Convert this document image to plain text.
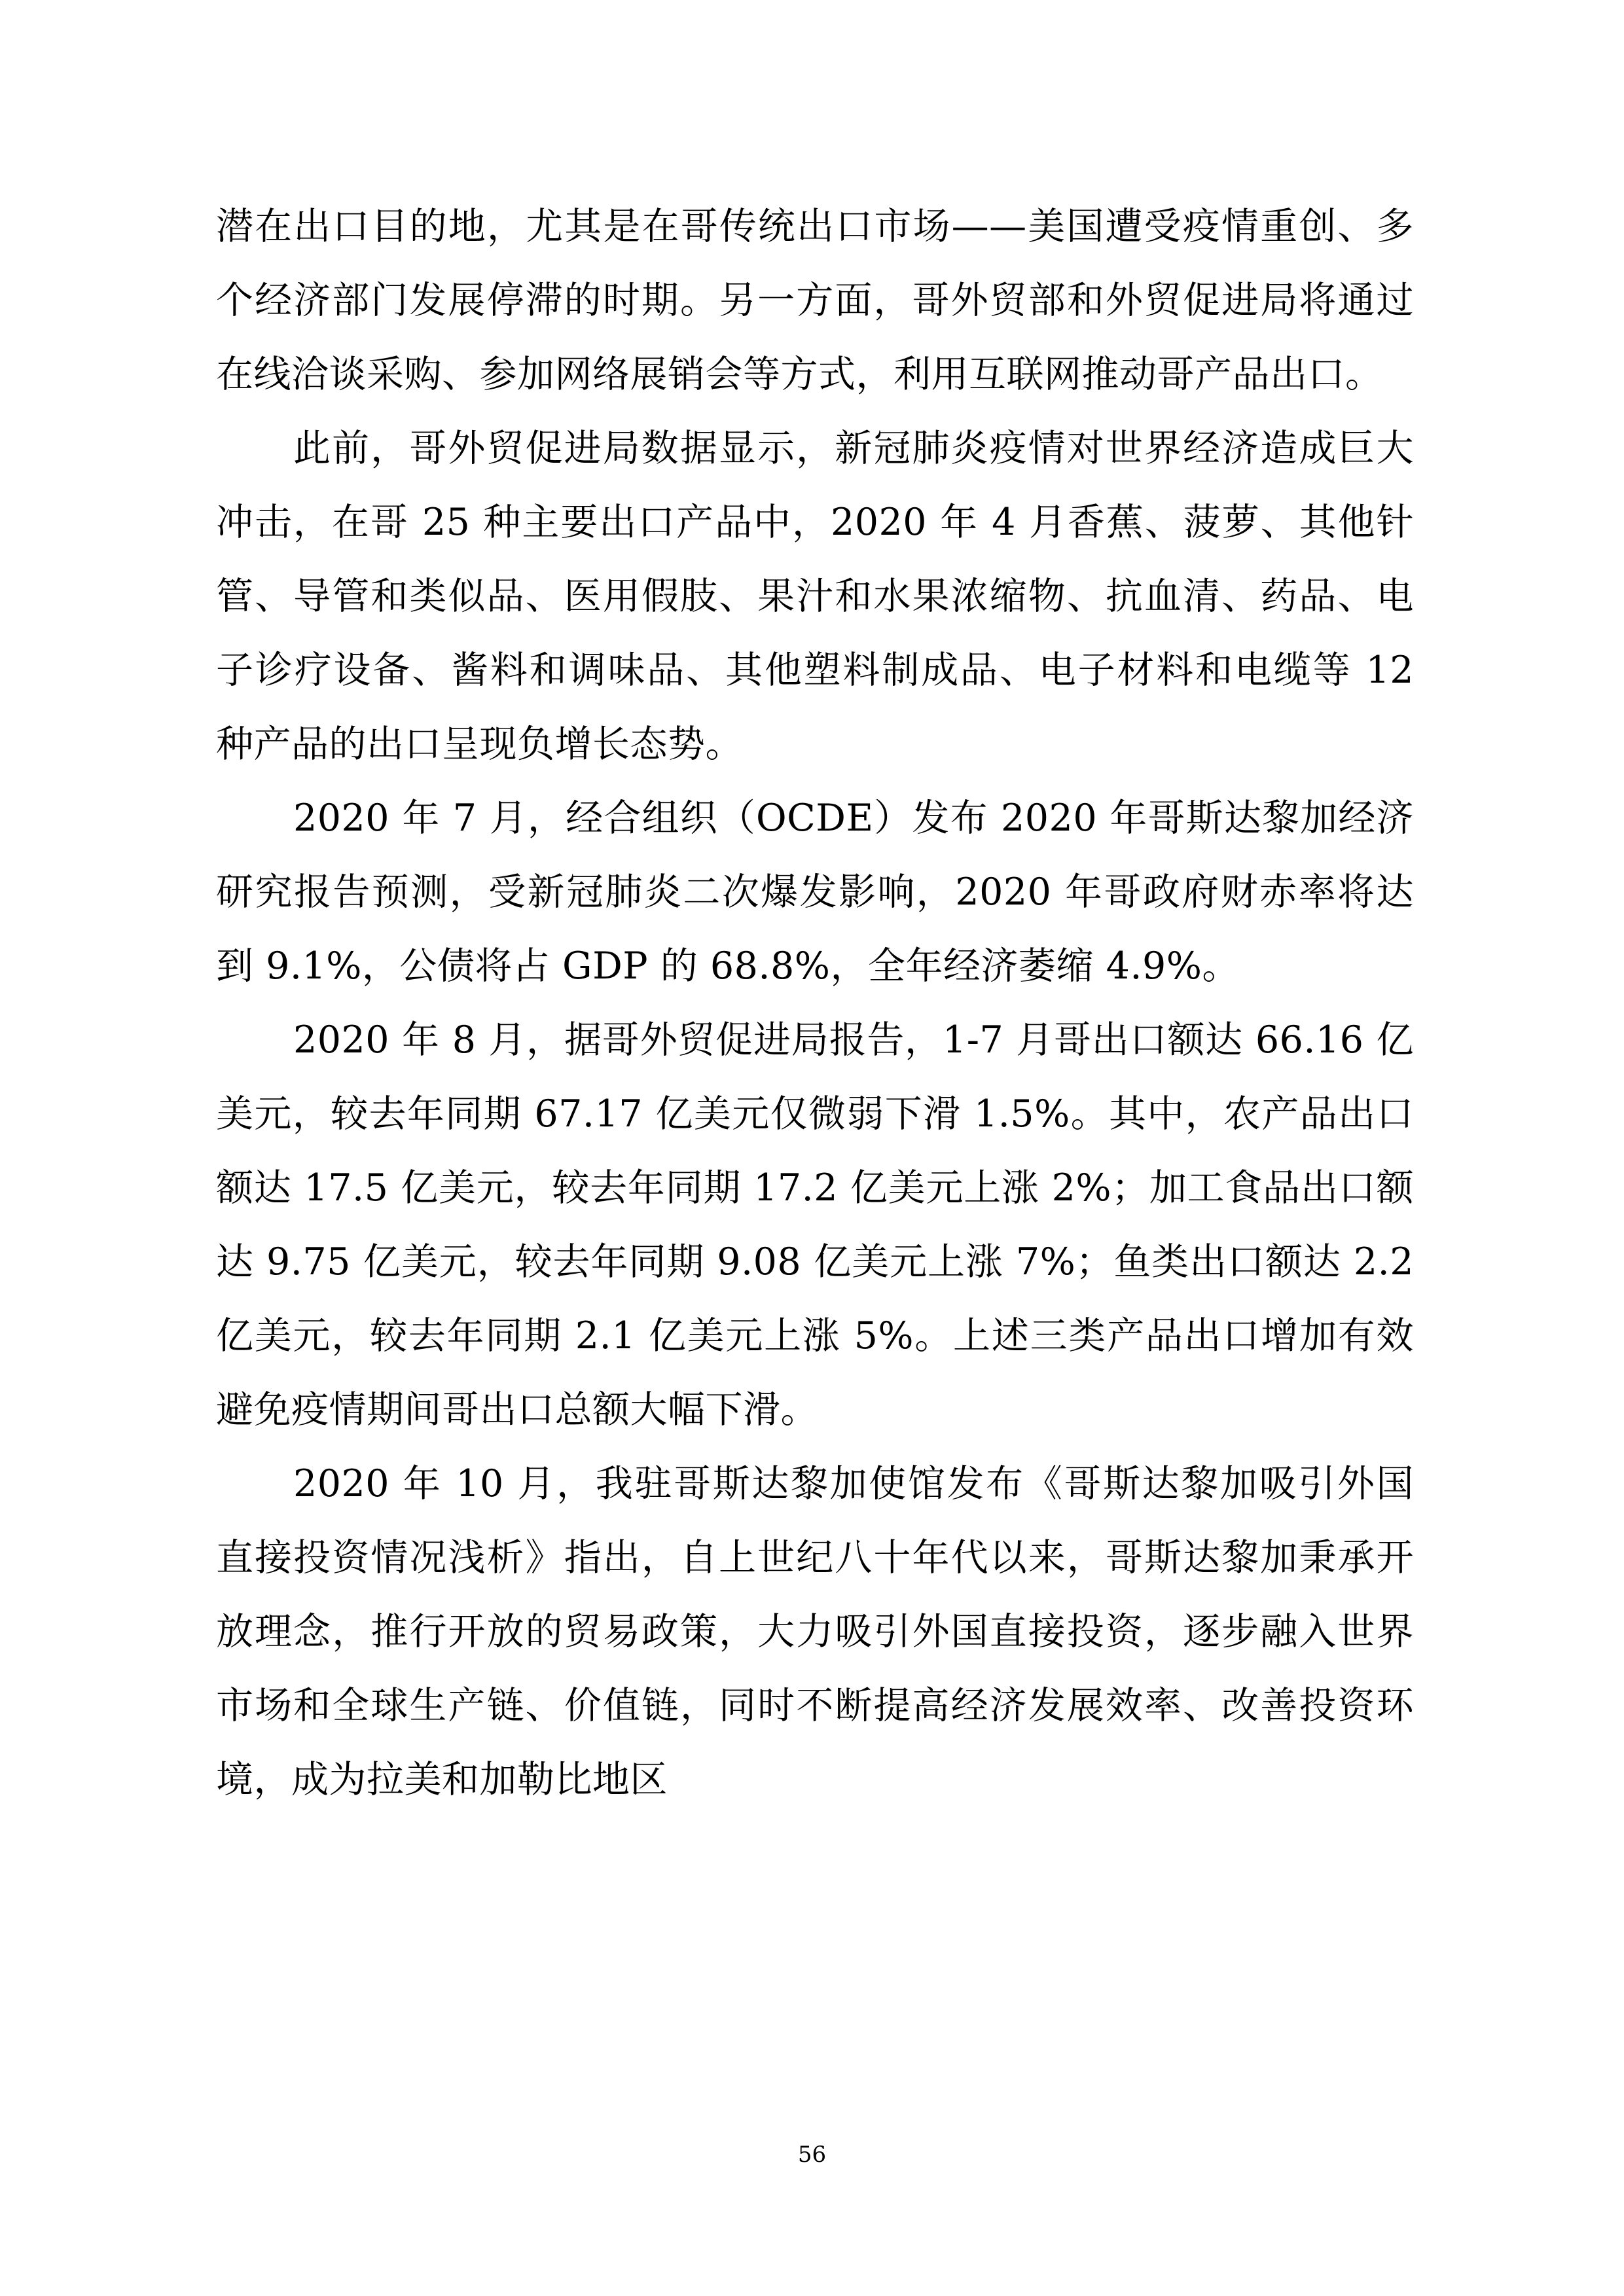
潜在出口目的地，尤其是在哥传统出口市场——美国遭受疫情重创、多个经济部门发展停滞的时期。另一方面，哥外贸部和外贸促进局将通过在线洽谈采购、参加网络展销会等方式，利用互联网推动哥产品出口。

此前，哥外贸促进局数据显示，新冠肺炎疫情对世界经济造成巨大冲击，在哥 25 种主要出口产品中，2020 年 4 月香蕉、菠萝、其他针管、导管和类似品、医用假肢、果汁和水果浓缩物、抗血清、药品、电子诊疗设备、酱料和调味品、其他塑料制成品、电子材料和电缆等 12 种产品的出口呈现负增长态势。

2020 年 7 月，经合组织（OCDE）发布 2020 年哥斯达黎加经济研究报告预测，受新冠肺炎二次爆发影响，2020 年哥政府财赤率将达到 9.1%，公债将占 GDP 的 68.8%，全年经济萎缩 4.9%。

2020 年 8 月，据哥外贸促进局报告，1-7 月哥出口额达 66.16 亿美元，较去年同期 67.17 亿美元仅微弱下滑 1.5%。其中，农产品出口额达 17.5 亿美元，较去年同期 17.2 亿美元上涨 2%；加工食品出口额达 9.75 亿美元，较去年同期 9.08 亿美元上涨 7%；鱼类出口额达 2.2 亿美元，较去年同期 2.1 亿美元上涨 5%。上述三类产品出口增加有效避免疫情期间哥出口总额大幅下滑。

2020 年 10 月，我驻哥斯达黎加使馆发布《哥斯达黎加吸引外国直接投资情况浅析》指出，自上世纪八十年代以来，哥斯达黎加秉承开放理念，推行开放的贸易政策，大力吸引外国直接投资，逐步融入世界市场和全球生产链、价值链，同时不断提高经济发展效率、改善投资环境，成为拉美和加勒比地区

56
